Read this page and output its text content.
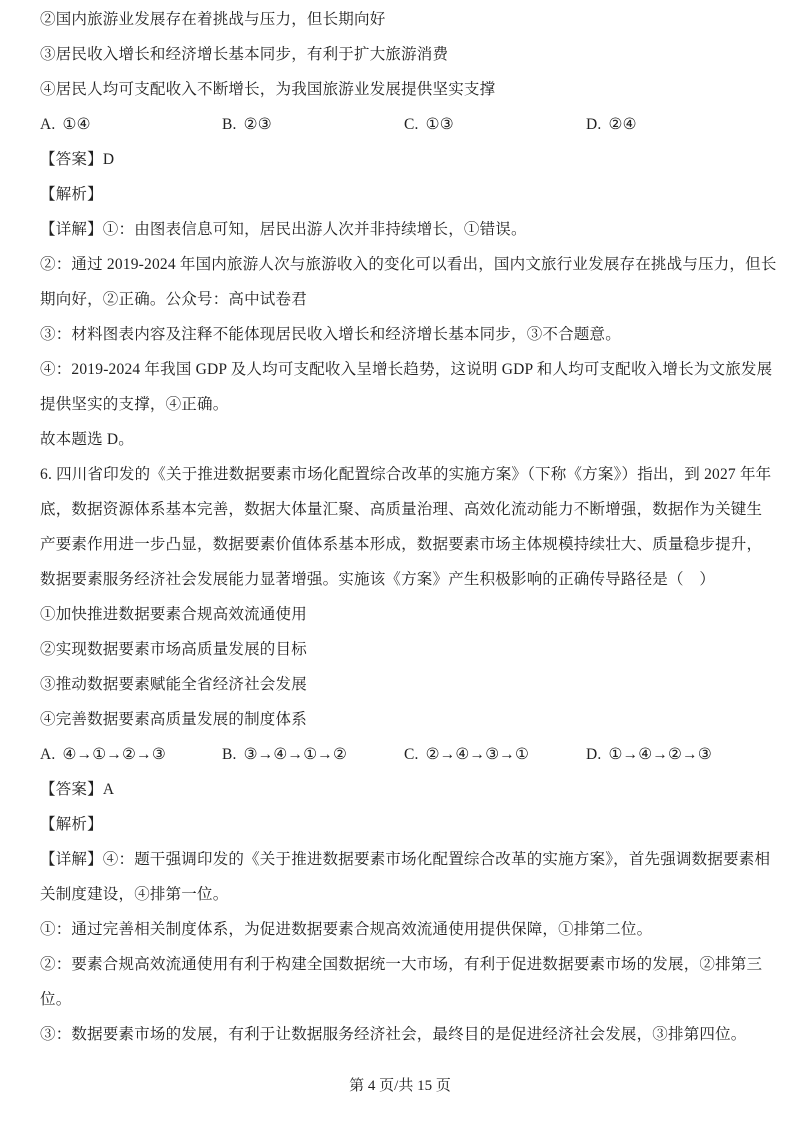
②国内旅游业发展存在着挑战与压力，但长期向好
③居民收入增长和经济增长基本同步，有利于扩大旅游消费
④居民人均可支配收入不断增长，为我国旅游业发展提供坚实支撑
A. ①④	B. ②③	C. ①③	D. ②④
【答案】D
【解析】
【详解】①：由图表信息可知，居民出游人次并非持续增长，①错误。
②：通过 2019-2024 年国内旅游人次与旅游收入的变化可以看出，国内文旅行业发展存在挑战与压力，但长
期向好，②正确。公众号：高中试卷君
③：材料图表内容及注释不能体现居民收入增长和经济增长基本同步，③不合题意。
④：2019-2024 年我国 GDP 及人均可支配收入呈增长趋势，这说明 GDP 和人均可支配收入增长为文旅发展
提供坚实的支撑，④正确。
故本题选 D。
6. 四川省印发的《关于推进数据要素市场化配置综合改革的实施方案》（下称《方案》）指出，到 2027 年年
底，数据资源体系基本完善，数据大体量汇聚、高质量治理、高效化流动能力不断增强，数据作为关键生
产要素作用进一步凸显，数据要素价值体系基本形成，数据要素市场主体规模持续壮大、质量稳步提升，
数据要素服务经济社会发展能力显著增强。实施该《方案》产生积极影响的正确传导路径是（　）
①加快推进数据要素合规高效流通使用
②实现数据要素市场高质量发展的目标
③推动数据要素赋能全省经济社会发展
④完善数据要素高质量发展的制度体系
A. ④→①→②→③	B. ③→④→①→②	C. ②→④→③→①	D. ①→④→②→③
【答案】A
【解析】
【详解】④：题干强调印发的《关于推进数据要素市场化配置综合改革的实施方案》，首先强调数据要素相
关制度建设，④排第一位。
①：通过完善相关制度体系，为促进数据要素合规高效流通使用提供保障，①排第二位。
②：要素合规高效流通使用有利于构建全国数据统一大市场，有利于促进数据要素市场的发展，②排第三
位。
③：数据要素市场的发展，有利于让数据服务经济社会，最终目的是促进经济社会发展，③排第四位。
第 4 页/共 15 页
